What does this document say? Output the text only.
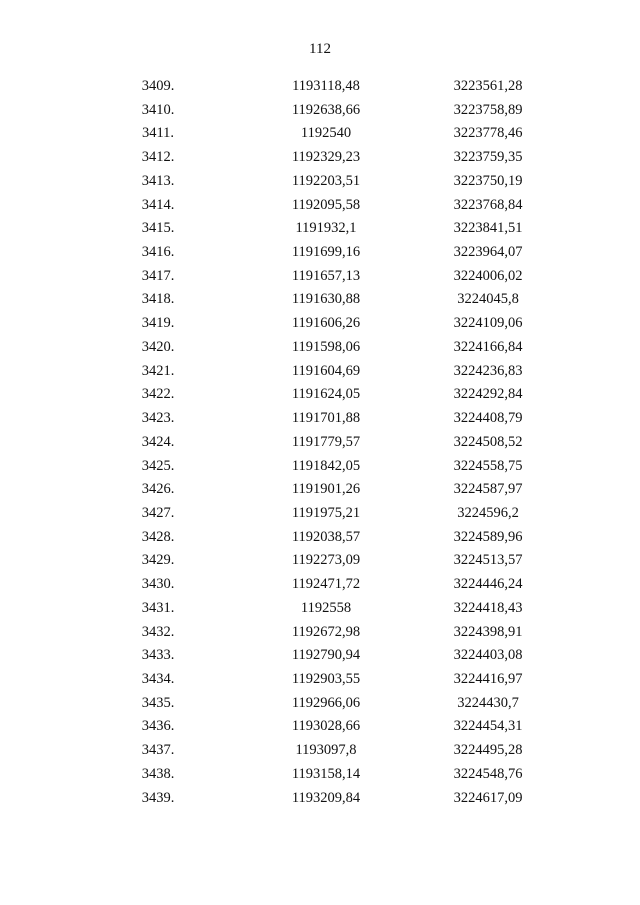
112
3409.	1193118,48	3223561,28
3410.	1192638,66	3223758,89
3411.	1192540	3223778,46
3412.	1192329,23	3223759,35
3413.	1192203,51	3223750,19
3414.	1192095,58	3223768,84
3415.	1191932,1	3223841,51
3416.	1191699,16	3223964,07
3417.	1191657,13	3224006,02
3418.	1191630,88	3224045,8
3419.	1191606,26	3224109,06
3420.	1191598,06	3224166,84
3421.	1191604,69	3224236,83
3422.	1191624,05	3224292,84
3423.	1191701,88	3224408,79
3424.	1191779,57	3224508,52
3425.	1191842,05	3224558,75
3426.	1191901,26	3224587,97
3427.	1191975,21	3224596,2
3428.	1192038,57	3224589,96
3429.	1192273,09	3224513,57
3430.	1192471,72	3224446,24
3431.	1192558	3224418,43
3432.	1192672,98	3224398,91
3433.	1192790,94	3224403,08
3434.	1192903,55	3224416,97
3435.	1192966,06	3224430,7
3436.	1193028,66	3224454,31
3437.	1193097,8	3224495,28
3438.	1193158,14	3224548,76
3439.	1193209,84	3224617,09
